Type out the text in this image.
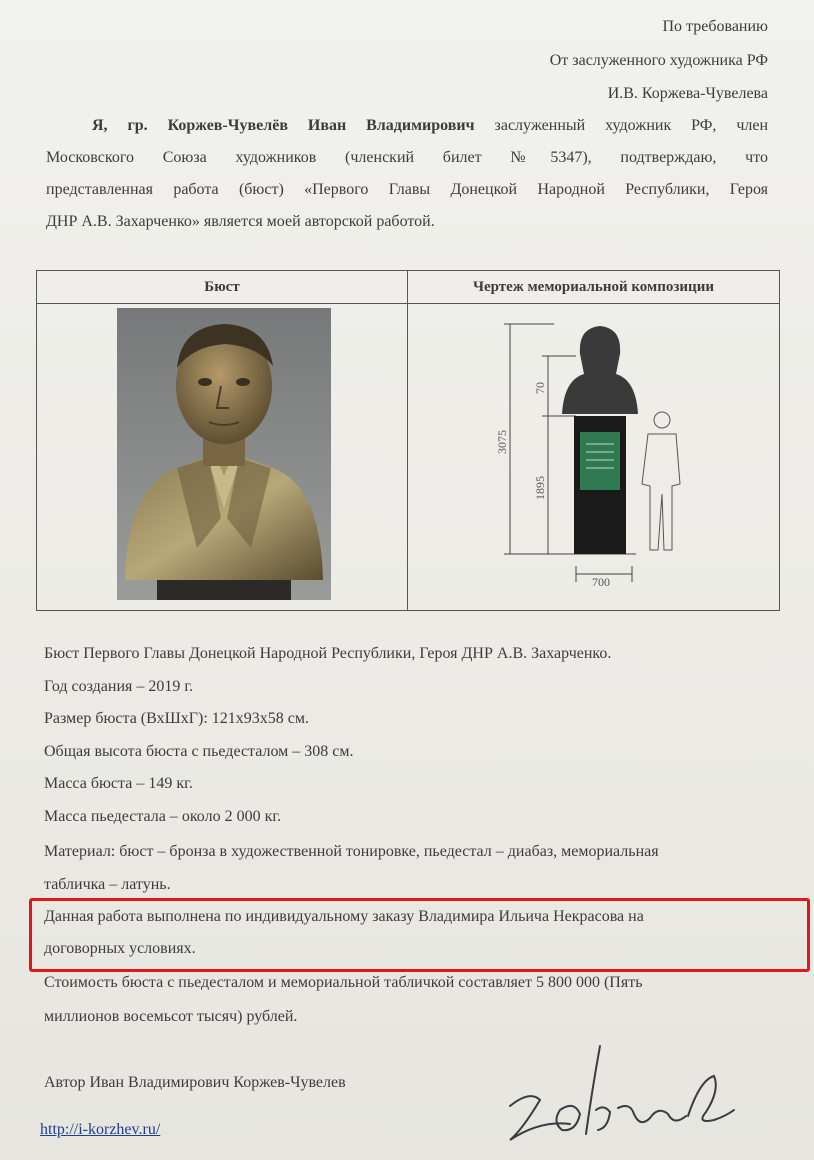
По требованию
От заслуженного художника РФ
И.В. Коржева-Чувелева
Я, гр. Коржев-Чувелёв Иван Владимирович заслуженный художник РФ, член
Московского Союза художников (членский билет №5347), подтверждаю, что
представленная работа (бюст) «Первого Главы Донецкой Народной Республики, Героя
ДНР А.В. Захарченко» является моей авторской работой.
Бюст	Чертеж мемориальной композиции

3075
70
1895
700
Бюст Первого Главы Донецкой Народной Республики, Героя ДНР А.В. Захарченко.
Год создания – 2019 г.
Размер бюста (ВхШхГ): 121х93х58 см.
Общая высота бюста с пьедесталом – 308 см.
Масса бюста – 149 кг.
Масса пьедестала – около 2 000 кг.
Материал: бюст – бронза в художественной тонировке, пьедестал – диабаз, мемориальная
табличка – латунь.
Данная работа выполнена по индивидуальному заказу Владимира Ильича Некрасова на
договорных условиях.
Стоимость бюста с пьедесталом и мемориальной табличкой составляет 5 800 000 (Пять
миллионов восемьсот тысяч) рублей.
Автор Иван Владимирович Коржев-Чувелев
http://i-korzhev.ru/
